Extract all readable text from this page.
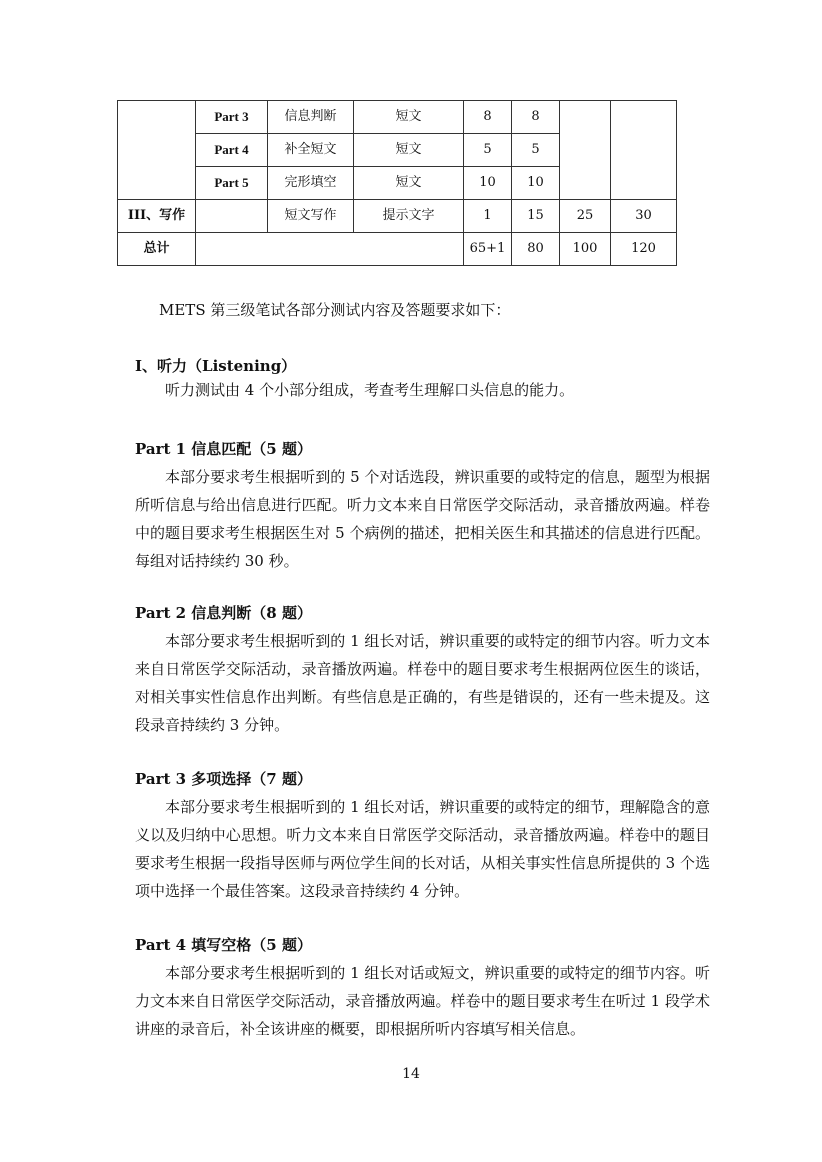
	Part 3	信息判断	短文	8	8		
	Part 4	补全短文	短文	5	5		
	Part 5	完形填空	短文	10	10		
III、写作		短文写作	提示文字	1	15	25	30
总计				65+1	80	100	120
METS 第三级笔试各部分测试内容及答题要求如下：
I、听力（Listening）

听力测试由 4 个小部分组成，考查考生理解口头信息的能力。

Part 1 信息匹配（5 题）

本部分要求考生根据听到的 5 个对话选段，辨识重要的或特定的信息，题型为根据所听信息与给出信息进行匹配。听力文本来自日常医学交际活动，录音播放两遍。样卷中的题目要求考生根据医生对 5 个病例的描述，把相关医生和其描述的信息进行匹配。每组对话持续约 30 秒。

Part 2 信息判断（8 题）

本部分要求考生根据听到的 1 组长对话，辨识重要的或特定的细节内容。听力文本来自日常医学交际活动，录音播放两遍。样卷中的题目要求考生根据两位医生的谈话，对相关事实性信息作出判断。有些信息是正确的，有些是错误的，还有一些未提及。这段录音持续约 3 分钟。

Part 3 多项选择（7 题）

本部分要求考生根据听到的 1 组长对话，辨识重要的或特定的细节，理解隐含的意义以及归纳中心思想。听力文本来自日常医学交际活动，录音播放两遍。样卷中的题目要求考生根据一段指导医师与两位学生间的长对话，从相关事实性信息所提供的 3 个选项中选择一个最佳答案。这段录音持续约 4 分钟。

Part 4 填写空格（5 题）

本部分要求考生根据听到的 1 组长对话或短文，辨识重要的或特定的细节内容。听力文本来自日常医学交际活动，录音播放两遍。样卷中的题目要求考生在听过 1 段学术讲座的录音后，补全该讲座的概要，即根据所听内容填写相关信息。

14
